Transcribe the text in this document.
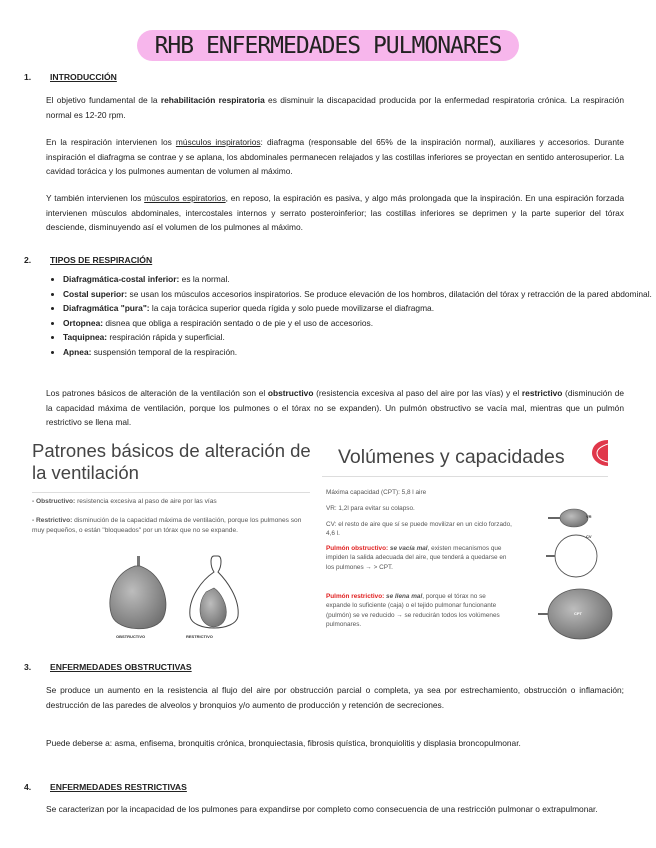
RHB ENFERMEDADES PULMONARES
1. INTRODUCCIÓN

El objetivo fundamental de la rehabilitación respiratoria es disminuir la discapacidad producida por la enfermedad respiratoria crónica. La respiración normal es 12-20 rpm.

En la respiración intervienen los músculos inspiratorios: diafragma (responsable del 65% de la inspiración normal), auxiliares y accesorios. Durante inspiración el diafragma se contrae y se aplana, los abdominales permanecen relajados y las costillas inferiores se proyectan en sentido anterosuperior. La cavidad torácica y los pulmones aumentan de volumen al máximo.

Y también intervienen los músculos espiratorios, en reposo, la espiración es pasiva, y algo más prolongada que la inspiración. En una espiración forzada intervienen músculos abdominales, intercostales internos y serrato posteroinferior; las costillas inferiores se deprimen y la parte superior del tórax desciende, disminuyendo así el volumen de los pulmones al máximo.

2. TIPOS DE RESPIRACIÓN
• Diafragmática-costal inferior: es la normal.
• Costal superior: se usan los músculos accesorios inspiratorios. Se produce elevación de los hombros, dilatación del tórax y retracción de la pared abdominal.
• Diafragmática "pura": la caja torácica superior queda rígida y solo puede movilizarse el diafragma.
• Ortopnea: disnea que obliga a respiración sentado o de pie y el uso de accesorios.
• Taquipnea: respiración rápida y superficial.
• Apnea: suspensión temporal de la respiración.

Los patrones básicos de alteración de la ventilación son el obstructivo (resistencia excesiva al paso del aire por las vías) y el restrictivo (disminución de la capacidad máxima de ventilación, porque los pulmones o el tórax no se expanden). Un pulmón obstructivo se vacía mal, mientras que un pulmón restrictivo se llena mal.

Patrones básicos de alteración de la ventilación

- Obstructivo: resistencia excesiva al paso de aire por las vías

- Restrictivo: disminución de la capacidad máxima de ventilación, porque los pulmones son muy pequeños, o están "bloqueados" por un tórax que no se expande.

OBSTRUCTIVO	RESTRICTIVO

Volúmenes y capacidades

Máxima capacidad (CPT): 5,8 l aire

VR: 1,2l para evitar su colapso.

CV: el resto de aire que sí se puede movilizar en un ciclo forzado, 4,6 l.

Pulmón obstructivo: se vacía mal, existen mecanismos que impiden la salida adecuada del aire, que tenderá a quedarse en los pulmones → > CPT.

Pulmón restrictivo: se llena mal, porque el tórax no se expande lo suficiente (caja) o el tejido pulmonar funcionante (pulmón) se ve reducido → se reducirán todos los volúmenes pulmonares.

VR
CV
CPT
3. ENFERMEDADES OBSTRUCTIVAS

Se produce un aumento en la resistencia al flujo del aire por obstrucción parcial o completa, ya sea por estrechamiento, obstrucción o inflamación; destrucción de las paredes de alveolos y bronquios y/o aumento de producción y retención de secreciones.

Puede deberse a: asma, enfisema, bronquitis crónica, bronquiectasia, fibrosis quística, bronquiolitis y displasia broncopulmonar.

4. ENFERMEDADES RESTRICTIVAS

Se caracterizan por la incapacidad de los pulmones para expandirse por completo como consecuencia de una restricción pulmonar o extrapulmonar.
